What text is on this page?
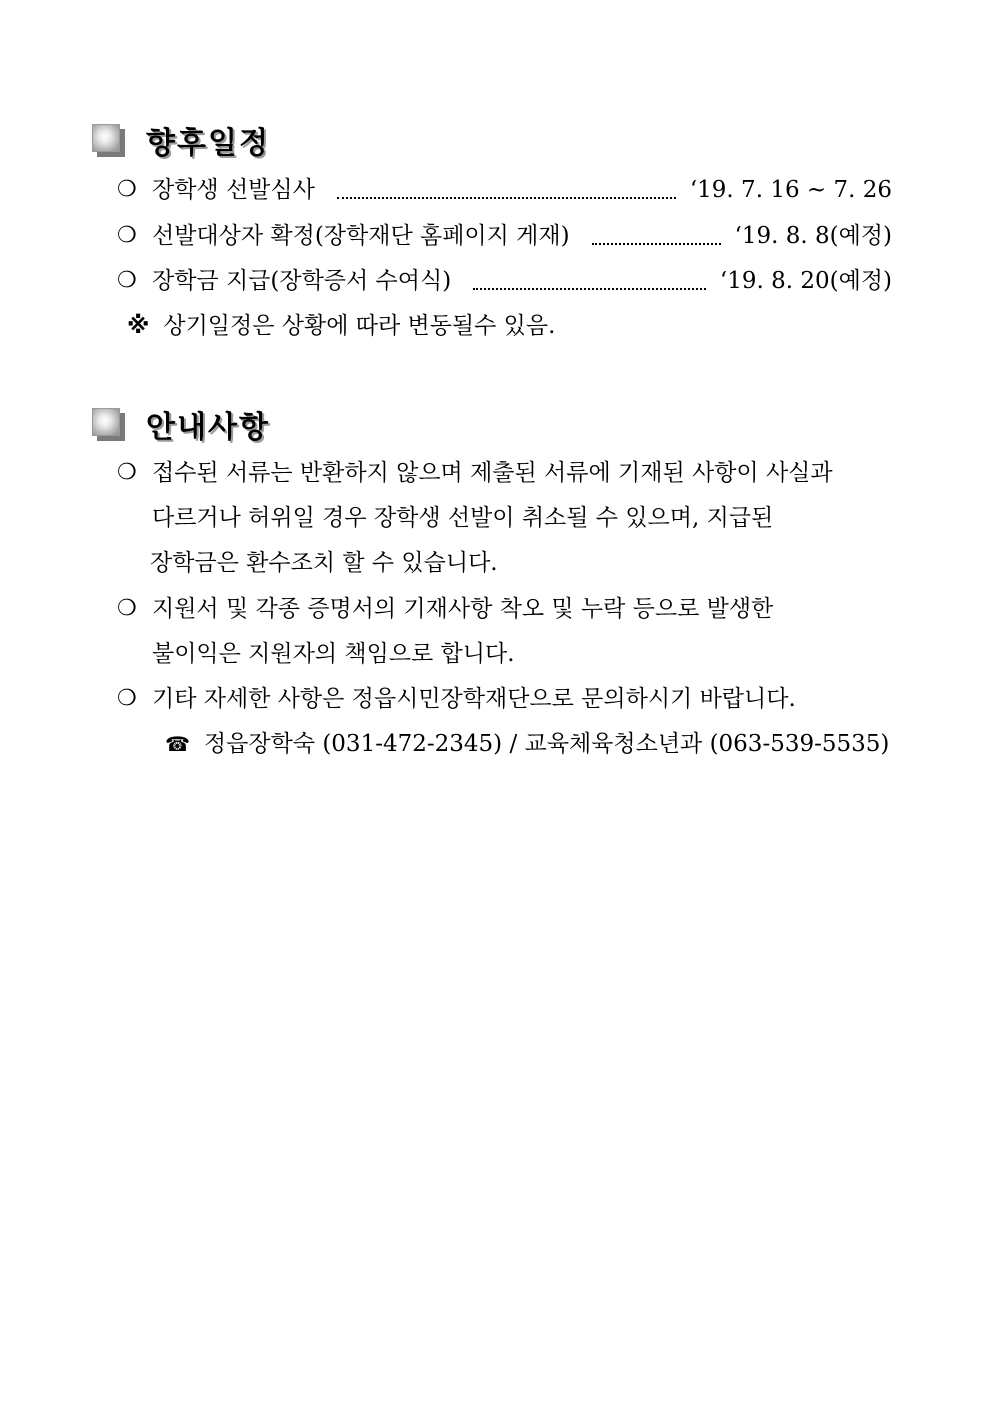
향후일정
❍ 장학생 선발심사	‘19. 7. 16 ~ 7. 26
❍ 선발대상자 확정(장학재단 홈페이지 게재)	‘19. 8. 8(예정)
❍ 장학금 지급(장학증서 수여식)	‘19. 8. 20(예정)
※ 상기일정은 상황에 따라 변동될수 있음.
안내사항
❍ 접수된 서류는 반환하지 않으며 제출된 서류에 기재된 사항이 사실과
다르거나 허위일 경우 장학생 선발이 취소될 수 있으며, 지급된
장학금은 환수조치 할 수 있습니다.
❍ 지원서 및 각종 증명서의 기재사항 착오 및 누락 등으로 발생한
불이익은 지원자의 책임으로 합니다.
❍ 기타 자세한 사항은 정읍시민장학재단으로 문의하시기 바랍니다.
☎ 정읍장학숙 (031-472-2345) / 교육체육청소년과 (063-539-5535)
